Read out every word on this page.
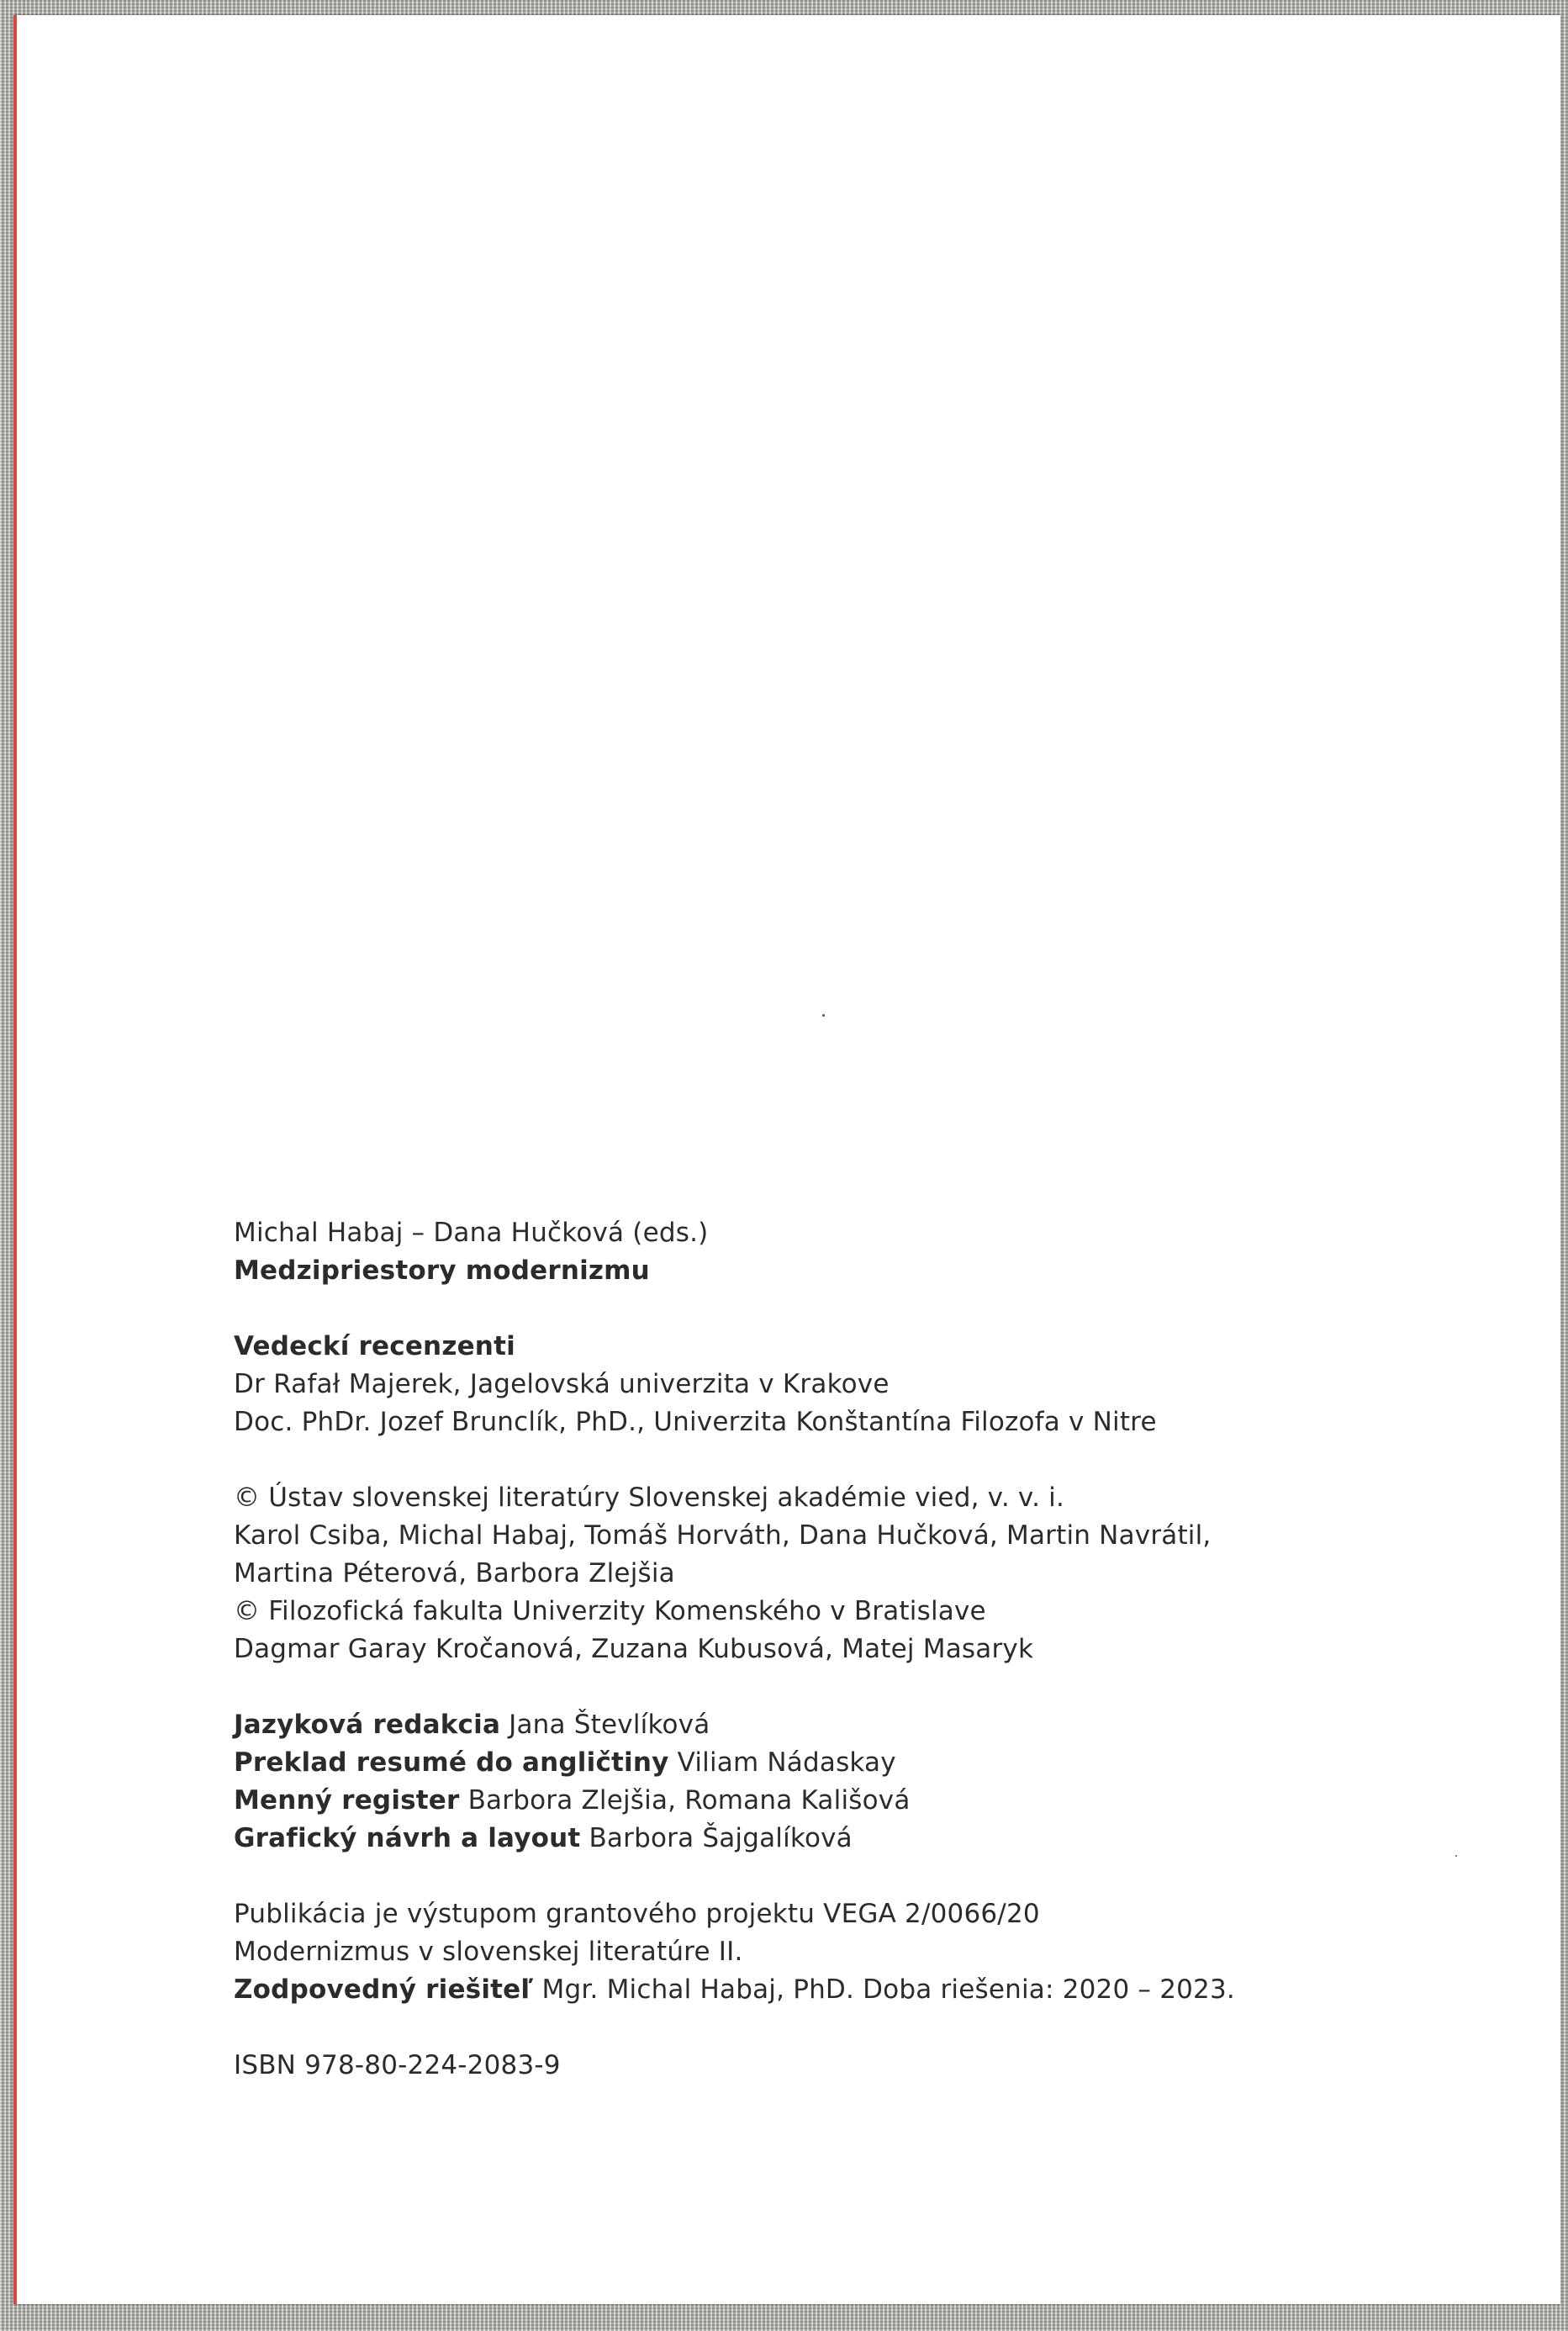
Michal Habaj – Dana Hučková (eds.)
Medzipriestory modernizmu
Vedeckí recenzenti
Dr Rafał Majerek, Jagelovská univerzita v Krakove
Doc. PhDr. Jozef Brunclík, PhD., Univerzita Konštantína Filozofa v Nitre
© Ústav slovenskej literatúry Slovenskej akadémie vied, v. v. i.
Karol Csiba, Michal Habaj, Tomáš Horváth, Dana Hučková, Martin Navrátil,
Martina Péterová, Barbora Zlejšia
© Filozofická fakulta Univerzity Komenského v Bratislave
Dagmar Garay Kročanová, Zuzana Kubusová, Matej Masaryk
Jazyková redakcia Jana Števlíková
Preklad resumé do angličtiny Viliam Nádaskay
Menný register Barbora Zlejšia, Romana Kališová
Grafický návrh a layout Barbora Šajgalíková
Publikácia je výstupom grantového projektu VEGA 2/0066/20
Modernizmus v slovenskej literatúre II.
Zodpovedný riešiteľ Mgr. Michal Habaj, PhD. Doba riešenia: 2020 – 2023.
ISBN 978-80-224-2083-9
